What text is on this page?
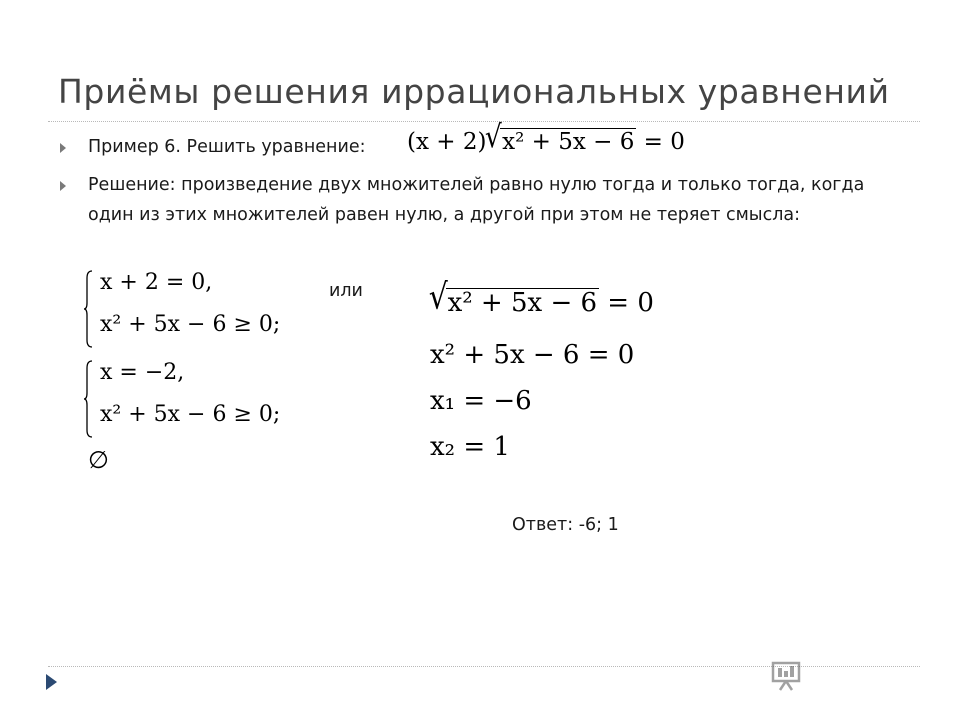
Приёмы решения иррациональных уравнений
Пример 6. Решить уравнение: (x + 2)√x² + 5x − 6 = 0
Решение: произведение двух множителей равно нулю тогда и только тогда, когда один из этих множителей равен нулю, а другой при этом не теряет смысла:
x + 2 = 0,
x² + 5x − 6 ≥ 0;
или
x = −2,
x² + 5x − 6 ≥ 0;
∅
√x² + 5x − 6 = 0
x² + 5x − 6 = 0
x₁ = −6
x₂ = 1
Ответ: -6; 1
